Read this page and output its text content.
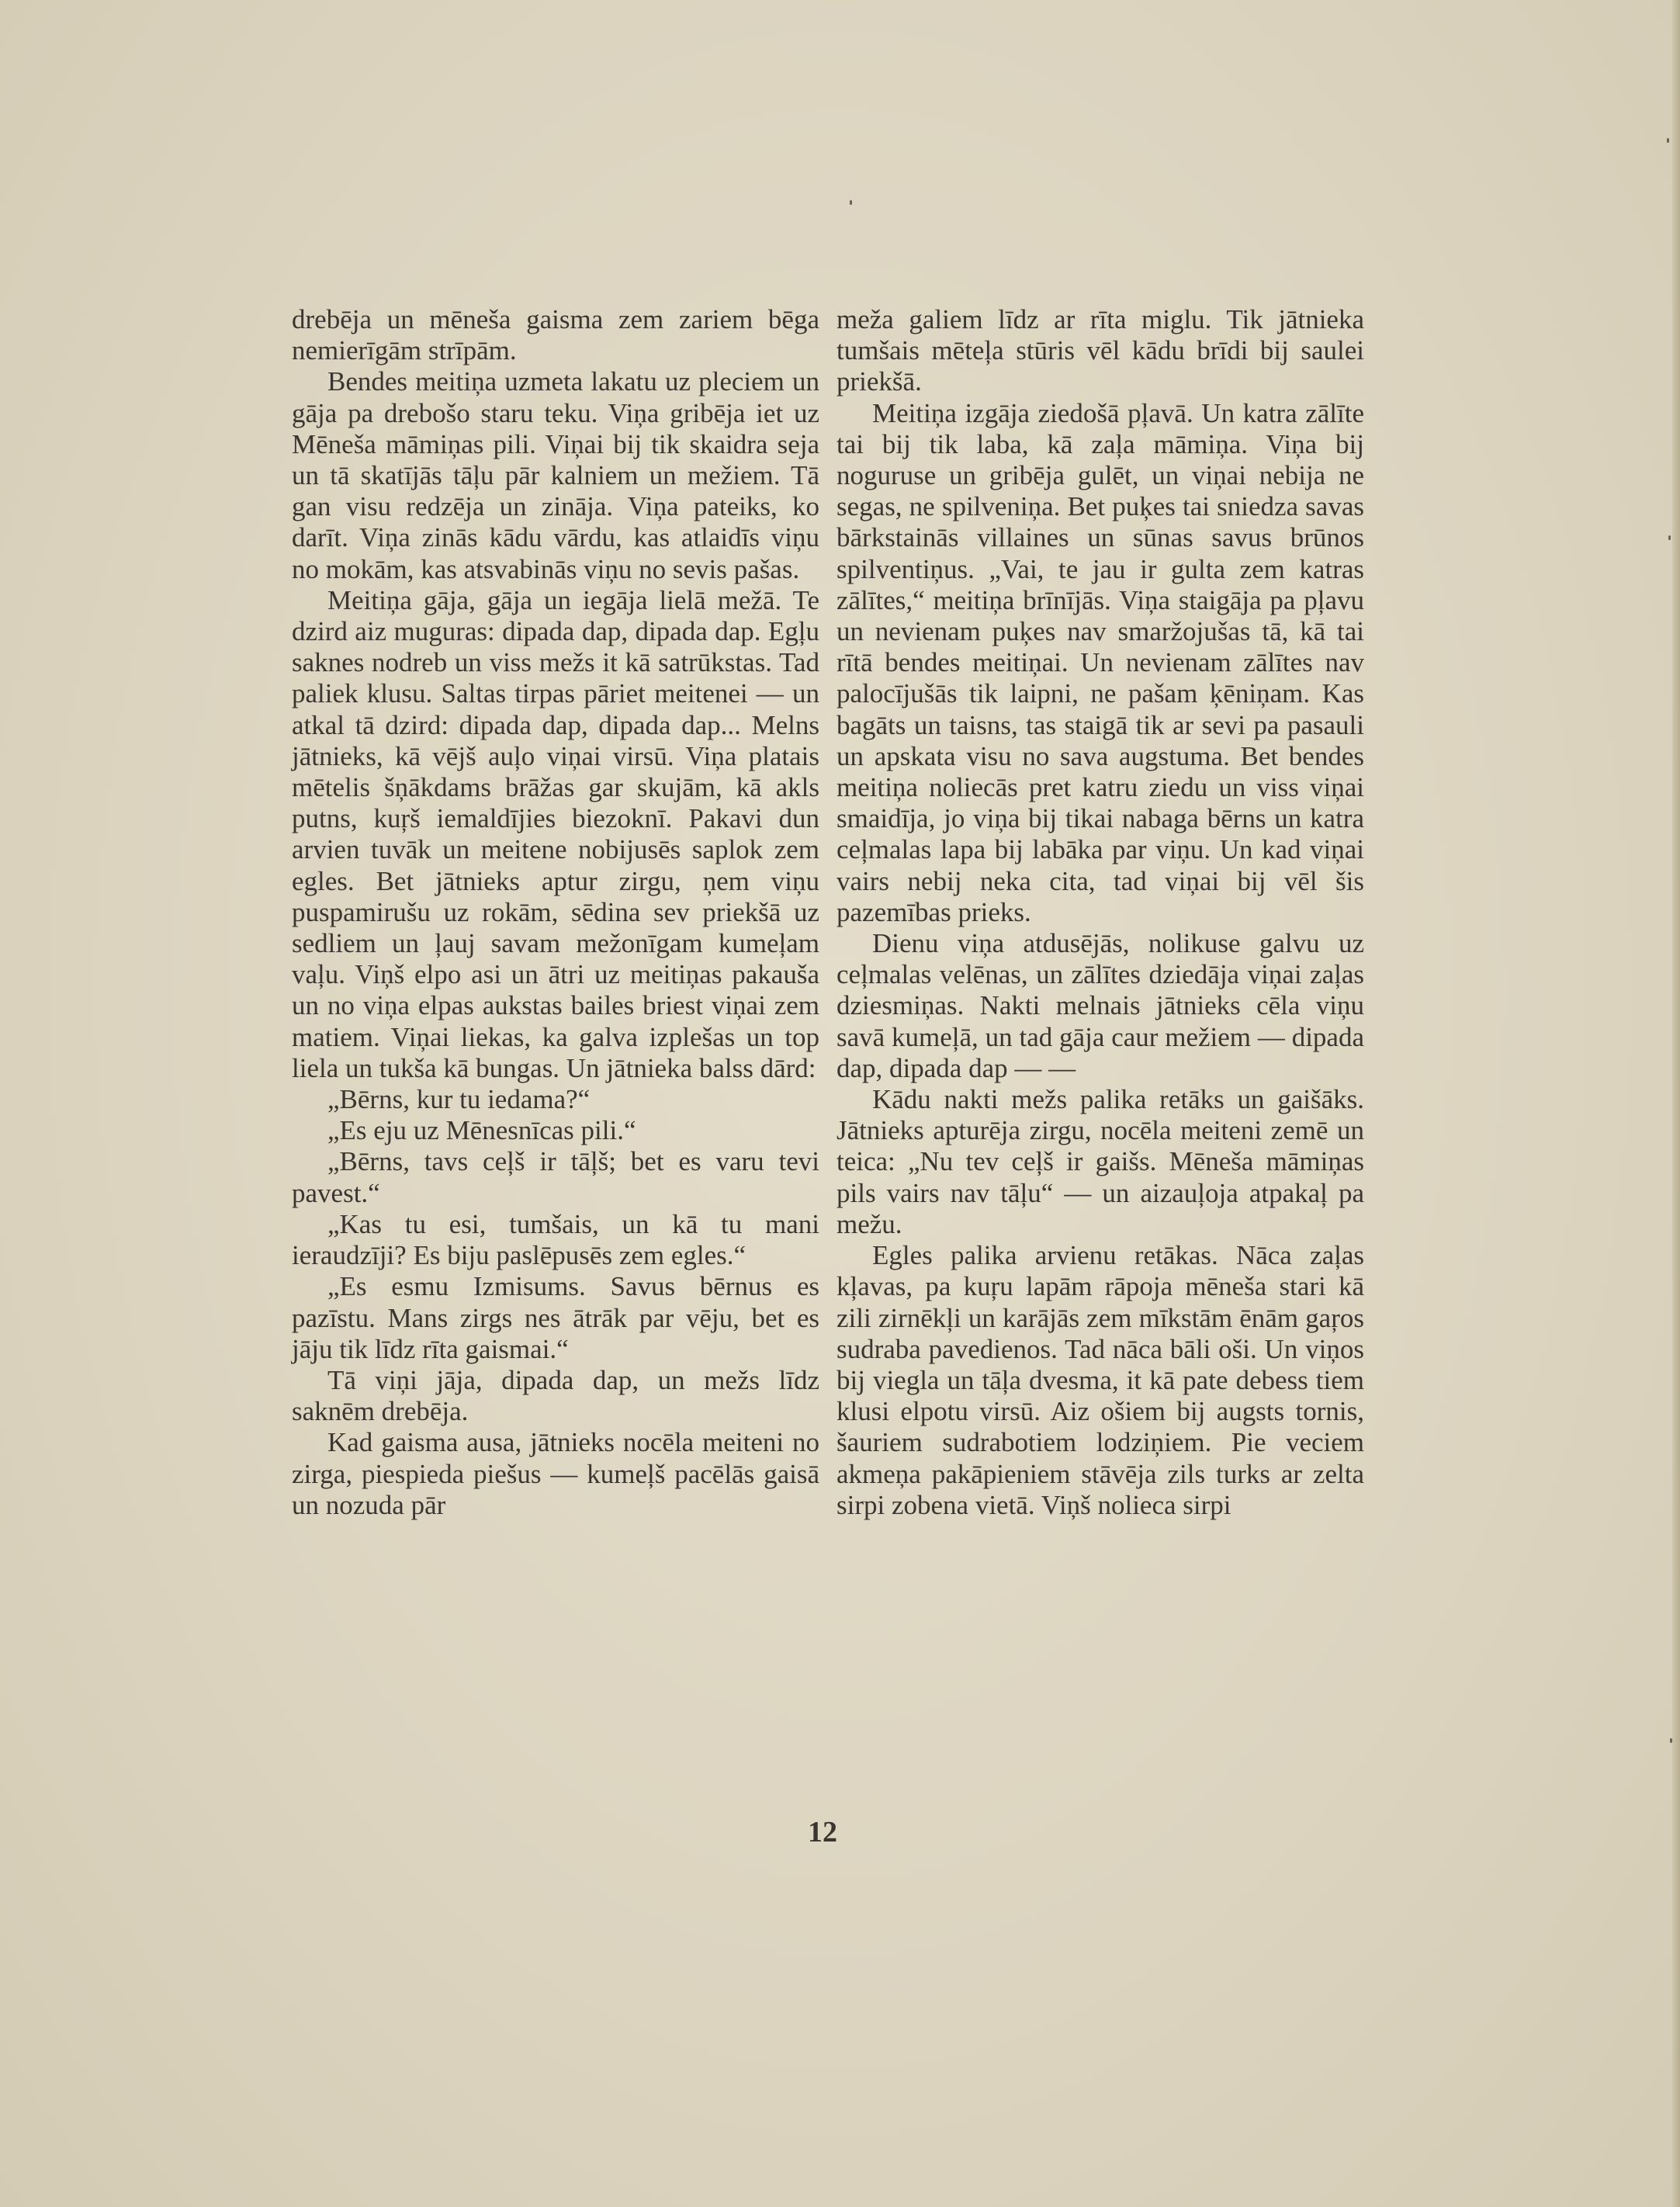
drebēja un mēneša gaisma zem zariem bēga nemierīgām strīpām.

Bendes meitiņa uzmeta lakatu uz pleciem un gāja pa drebošo staru teku. Viņa gribēja iet uz Mēneša māmiņas pili. Viņai bij tik skaidra seja un tā skatījās tāļu pār kalniem un mežiem. Tā gan visu redzēja un zināja. Viņa pateiks, ko darīt. Viņa zinās kādu vārdu, kas atlaidīs viņu no mokām, kas atsvabinās viņu no sevis pašas.

Meitiņa gāja, gāja un iegāja lielā mežā. Te dzird aiz muguras: dipada dap, dipada dap. Egļu saknes nodreb un viss mežs it kā satrūkstas. Tad paliek klusu. Saltas tirpas pāriet meitenei — un atkal tā dzird: dipada dap, dipada dap... Melns jātnieks, kā vējš auļo viņai virsū. Viņa platais mētelis šņākdams brāžas gar skujām, kā akls putns, kuŗš iemaldījies biezoknī. Pakavi dun arvien tuvāk un meitene nobijusēs saplok zem egles. Bet jātnieks aptur zirgu, ņem viņu puspamirušu uz rokām, sēdina sev priekšā uz sedliem un ļauj savam mežonīgam kumeļam vaļu. Viņš elpo asi un ātri uz meitiņas pakauša un no viņa elpas aukstas bailes briest viņai zem matiem. Viņai liekas, ka galva izplešas un top liela un tukša kā bungas. Un jātnieka balss dārd:

„Bērns, kur tu iedama?“

„Es eju uz Mēnesnīcas pili.“

„Bērns, tavs ceļš ir tāļš; bet es varu tevi pavest.“

„Kas tu esi, tumšais, un kā tu mani ieraudzīji? Es biju paslēpusēs zem egles.“

„Es esmu Izmisums. Savus bērnus es pazīstu. Mans zirgs nes ātrāk par vēju, bet es jāju tik līdz rīta gaismai.“

Tā viņi jāja, dipada dap, un mežs līdz saknēm drebēja.

Kad gaisma ausa, jātnieks nocēla meiteni no zirga, piespieda piešus — kumeļš pacēlās gaisā un nozuda pār

meža galiem līdz ar rīta miglu. Tik jātnieka tumšais mēteļa stūris vēl kādu brīdi bij saulei priekšā.

Meitiņa izgāja ziedošā pļavā. Un katra zālīte tai bij tik laba, kā zaļa māmiņa. Viņa bij noguruse un gribēja gulēt, un viņai nebija ne segas, ne spilveniņa. Bet puķes tai sniedza savas bārkstainās villaines un sūnas savus brūnos spilventiņus. „Vai, te jau ir gulta zem katras zālītes,“ meitiņa brīnījās. Viņa staigāja pa pļavu un nevienam puķes nav smaržojušas tā, kā tai rītā bendes meitiņai. Un nevienam zālītes nav palocījušās tik laipni, ne pašam ķēniņam. Kas bagāts un taisns, tas staigā tik ar sevi pa pasauli un apskata visu no sava augstuma. Bet bendes meitiņa noliecās pret katru ziedu un viss viņai smaidīja, jo viņa bij tikai nabaga bērns un katra ceļmalas lapa bij labāka par viņu. Un kad viņai vairs nebij neka cita, tad viņai bij vēl šis pazemības prieks.

Dienu viņa atdusējās, nolikuse galvu uz ceļmalas velēnas, un zālītes dziedāja viņai zaļas dziesmiņas. Nakti melnais jātnieks cēla viņu savā kumeļā, un tad gāja caur mežiem — dipada dap, dipada dap — —

Kādu nakti mežs palika retāks un gaišāks. Jātnieks apturēja zirgu, nocēla meiteni zemē un teica: „Nu tev ceļš ir gaišs. Mēneša māmiņas pils vairs nav tāļu“ — un aizauļoja atpakaļ pa mežu.

Egles palika arvienu retākas. Nāca zaļas kļavas, pa kuŗu lapām rāpoja mēneša stari kā zili zirnēkļi un karājās zem mīkstām ēnām gaŗos sudraba pavedienos. Tad nāca bāli oši. Un viņos bij viegla un tāļa dvesma, it kā pate debess tiem klusi elpotu virsū. Aiz ošiem bij augsts tornis, šauriem sudrabotiem lodziņiem. Pie veciem akmeņa pakāpieniem stāvēja zils turks ar zelta sirpi zobena vietā. Viņš nolieca sirpi

12
